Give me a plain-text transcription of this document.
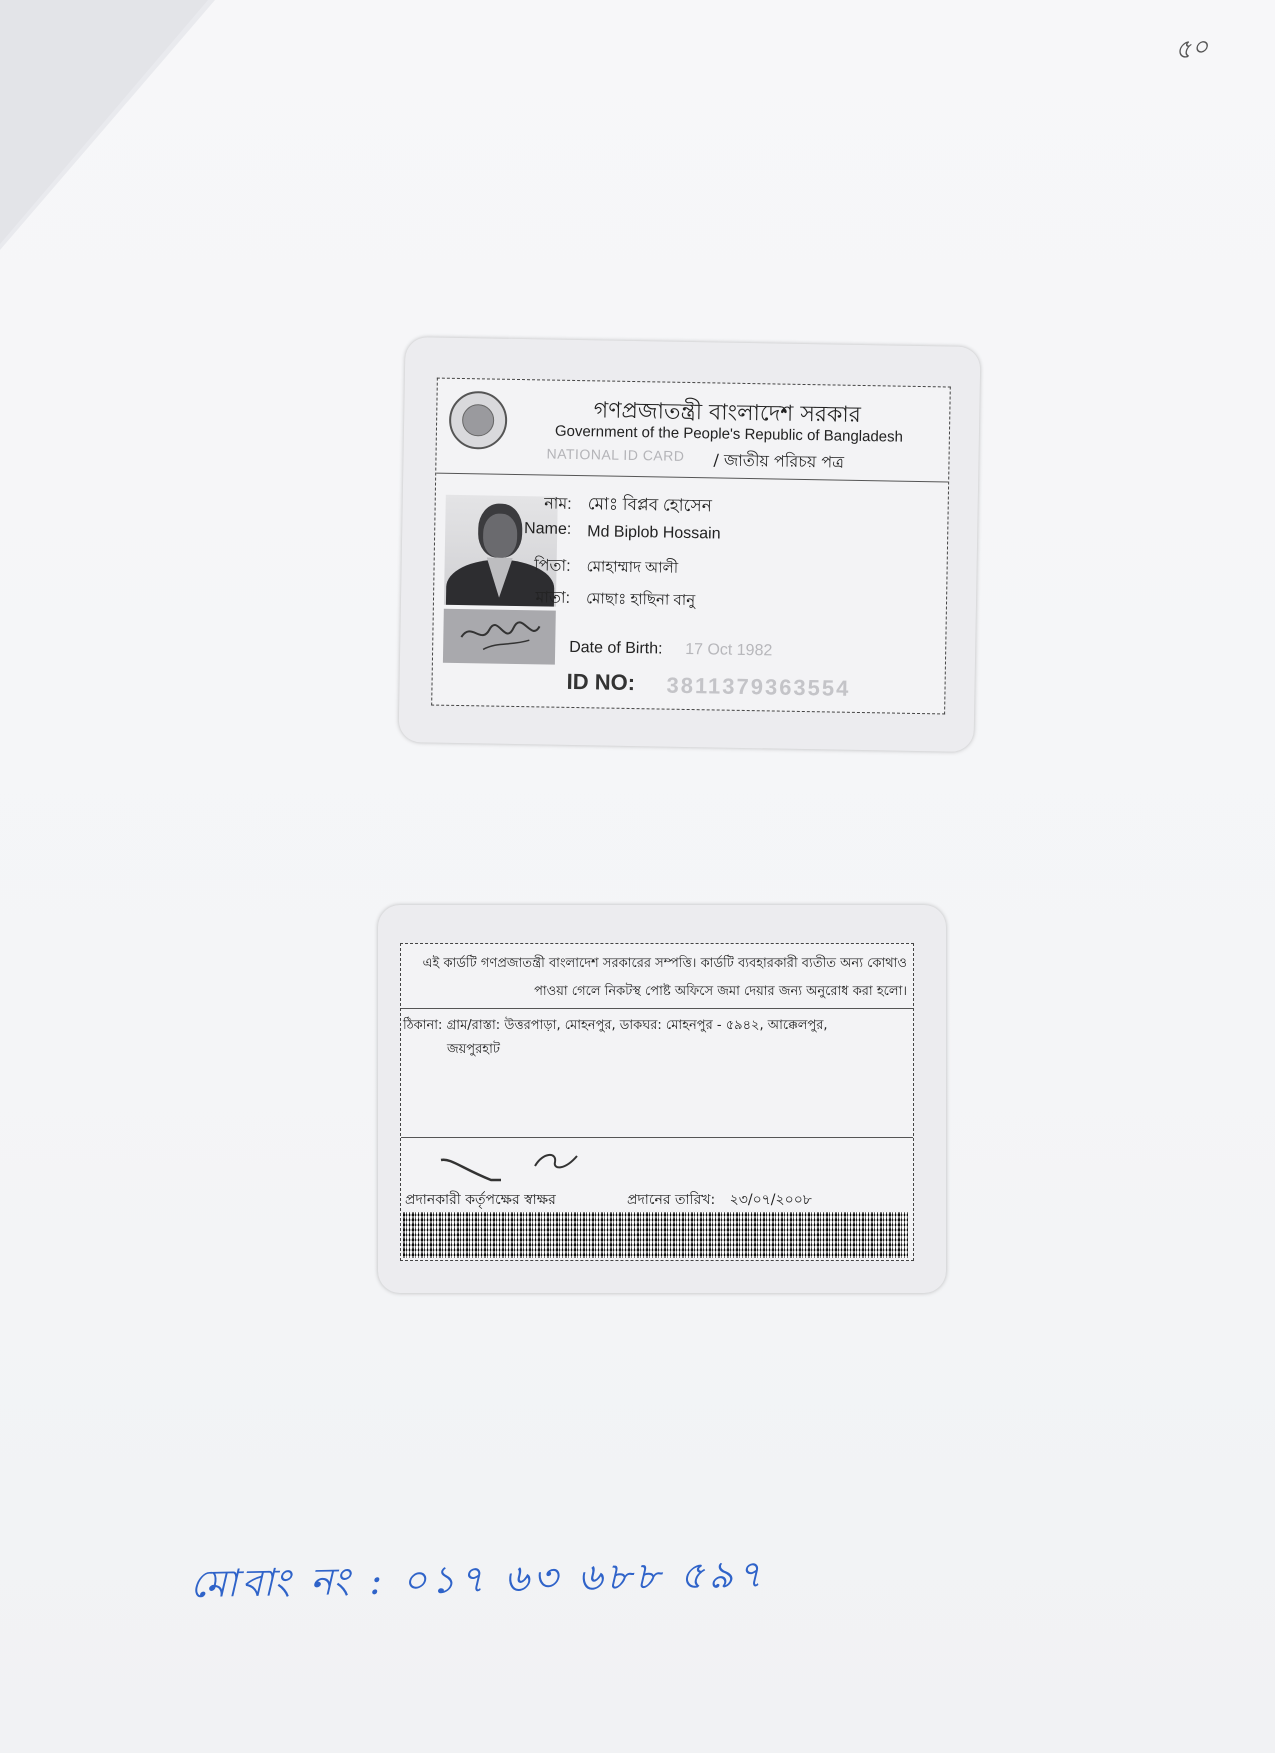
৫০
গণপ্রজাতন্ত্রী বাংলাদেশ সরকার
Government of the People's Republic of Bangladesh
NATIONAL ID CARD / জাতীয় পরিচয় পত্র
নাম: মোঃ বিপ্লব হোসেন
Name: Md Biplob Hossain
পিতা: মোহাম্মাদ আলী
মাতা: মোছাঃ হাছিনা বানু
Date of Birth: 17 Oct 1982
ID NO: 3811379363554
এই কার্ডটি গণপ্রজাতন্ত্রী বাংলাদেশ সরকারের সম্পত্তি। কার্ডটি ব্যবহারকারী ব্যতীত অন্য কোথাও পাওয়া গেলে নিকটস্থ পোষ্ট অফিসে জমা দেয়ার জন্য অনুরোধ করা হলো।
ঠিকানা: গ্রাম/রাস্তা: উত্তরপাড়া, মোহনপুর, ডাকঘর: মোহনপুর - ৫৯৪২, আক্কেলপুর,
জয়পুরহাট
প্রদানকারী কর্তৃপক্ষের স্বাক্ষর	প্রদানের তারিখ: ২৩/০৭/২০০৮
মোবাং নং : ০১৭ ৬৩ ৬৮৮ ৫৯৭
